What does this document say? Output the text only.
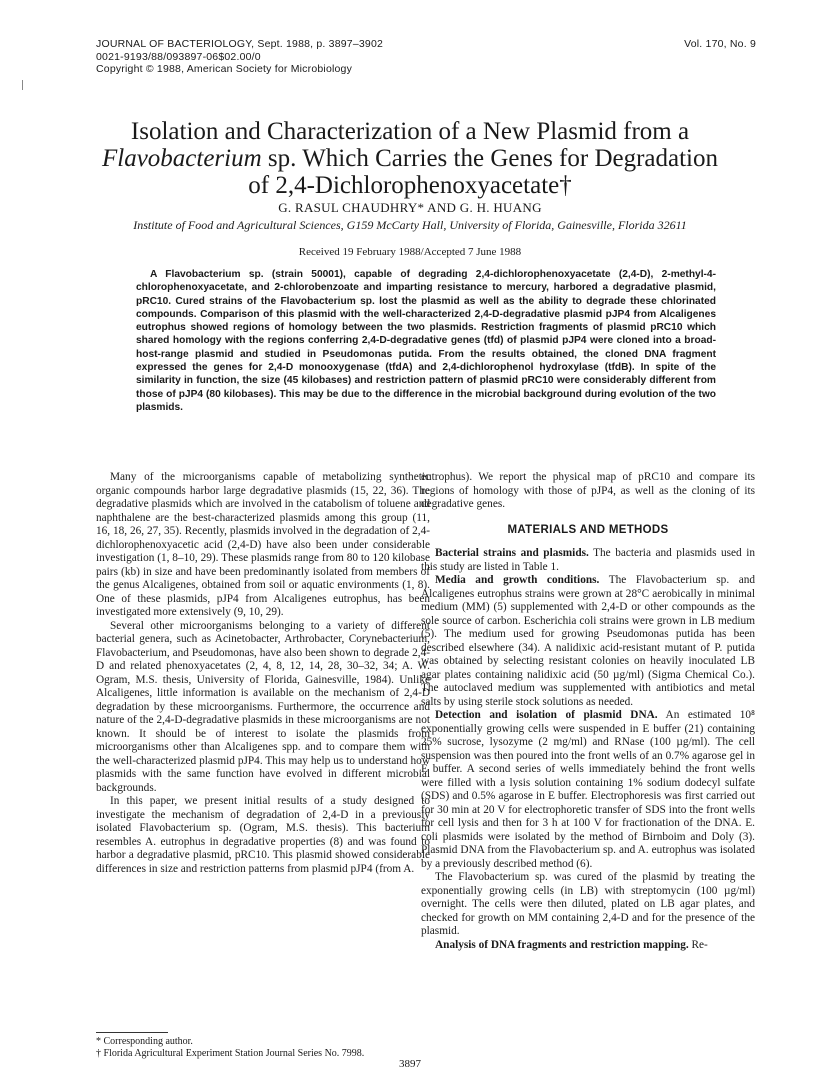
JOURNAL OF BACTERIOLOGY, Sept. 1988, p. 3897–3902
0021-9193/88/093897-06$02.00/0
Copyright © 1988, American Society for Microbiology
Vol. 170, No. 9
Isolation and Characterization of a New Plasmid from a
Flavobacterium sp. Which Carries the Genes for Degradation
of 2,4-Dichlorophenoxyacetate†
G. RASUL CHAUDHRY* AND G. H. HUANG
Institute of Food and Agricultural Sciences, G159 McCarty Hall, University of Florida, Gainesville, Florida 32611
Received 19 February 1988/Accepted 7 June 1988

A Flavobacterium sp. (strain 50001), capable of degrading 2,4-dichlorophenoxyacetate (2,4-D), 2-methyl-4-chlorophenoxyacetate, and 2-chlorobenzoate and imparting resistance to mercury, harbored a degradative plasmid, pRC10. Cured strains of the Flavobacterium sp. lost the plasmid as well as the ability to degrade these chlorinated compounds. Comparison of this plasmid with the well-characterized 2,4-D-degradative plasmid pJP4 from Alcaligenes eutrophus showed regions of homology between the two plasmids. Restriction fragments of plasmid pRC10 which shared homology with the regions conferring 2,4-D-degradative genes (tfd) of plasmid pJP4 were cloned into a broad-host-range plasmid and studied in Pseudomonas putida. From the results obtained, the cloned DNA fragment expressed the genes for 2,4-D monooxygenase (tfdA) and 2,4-dichlorophenol hydroxylase (tfdB). In spite of the similarity in function, the size (45 kilobases) and restriction pattern of plasmid pRC10 were considerably different from those of pJP4 (80 kilobases). This may be due to the difference in the microbial background during evolution of the two plasmids.

Many of the microorganisms capable of metabolizing synthetic organic compounds harbor large degradative plasmids (15, 22, 36). The degradative plasmids which are involved in the catabolism of toluene and naphthalene are the best-characterized plasmids among this group (11, 16, 18, 26, 27, 35). Recently, plasmids involved in the degradation of 2,4-dichlorophenoxyacetic acid (2,4-D) have also been under considerable investigation (1, 8–10, 29). These plasmids range from 80 to 120 kilobase pairs (kb) in size and have been predominantly isolated from members of the genus Alcaligenes, obtained from soil or aquatic environments (1, 8). One of these plasmids, pJP4 from Alcaligenes eutrophus, has been investigated more extensively (9, 10, 29).

Several other microorganisms belonging to a variety of different bacterial genera, such as Acinetobacter, Arthrobacter, Corynebacterium, Flavobacterium, and Pseudomonas, have also been shown to degrade 2,4-D and related phenoxyacetates (2, 4, 8, 12, 14, 28, 30–32, 34; A. W. Ogram, M.S. thesis, University of Florida, Gainesville, 1984). Unlike Alcaligenes, little information is available on the mechanism of 2,4-D degradation by these microorganisms. Furthermore, the occurrence and nature of the 2,4-D-degradative plasmids in these microorganisms are not known. It should be of interest to isolate the plasmids from microorganisms other than Alcaligenes spp. and to compare them with the well-characterized plasmid pJP4. This may help us to understand how plasmids with the same function have evolved in different microbial backgrounds.

In this paper, we present initial results of a study designed to investigate the mechanism of degradation of 2,4-D in a previously isolated Flavobacterium sp. (Ogram, M.S. thesis). This bacterium resembles A. eutrophus in degradative properties (8) and was found to harbor a degradative plasmid, pRC10. This plasmid showed considerable differences in size and restriction patterns from plasmid pJP4 (from A.

eutrophus). We report the physical map of pRC10 and compare its regions of homology with those of pJP4, as well as the cloning of its degradative genes.

MATERIALS AND METHODS

Bacterial strains and plasmids. The bacteria and plasmids used in this study are listed in Table 1.

Media and growth conditions. The Flavobacterium sp. and Alcaligenes eutrophus strains were grown at 28°C aerobically in minimal medium (MM) (5) supplemented with 2,4-D or other compounds as the sole source of carbon. Escherichia coli strains were grown in LB medium (5). The medium used for growing Pseudomonas putida has been described elsewhere (34). A nalidixic acid-resistant mutant of P. putida was obtained by selecting resistant colonies on heavily inoculated LB agar plates containing nalidixic acid (50 µg/ml) (Sigma Chemical Co.). The autoclaved medium was supplemented with antibiotics and metal salts by using sterile stock solutions as needed.

Detection and isolation of plasmid DNA. An estimated 10⁸ exponentially growing cells were suspended in E buffer (21) containing 25% sucrose, lysozyme (2 mg/ml) and RNase (100 µg/ml). The cell suspension was then poured into the front wells of an 0.7% agarose gel in E buffer. A second series of wells immediately behind the front wells were filled with a lysis solution containing 1% sodium dodecyl sulfate (SDS) and 0.5% agarose in E buffer. Electrophoresis was first carried out for 30 min at 20 V for electrophoretic transfer of SDS into the front wells for cell lysis and then for 3 h at 100 V for fractionation of the DNA. E. coli plasmids were isolated by the method of Birnboim and Doly (3). Plasmid DNA from the Flavobacterium sp. and A. eutrophus was isolated by a previously described method (6).

The Flavobacterium sp. was cured of the plasmid by treating the exponentially growing cells (in LB) with streptomycin (100 µg/ml) overnight. The cells were then diluted, plated on LB agar plates, and checked for growth on MM containing 2,4-D and for the presence of the plasmid.

Analysis of DNA fragments and restriction mapping. Re-

* Corresponding author.

† Florida Agricultural Experiment Station Journal Series No. 7998.

3897
